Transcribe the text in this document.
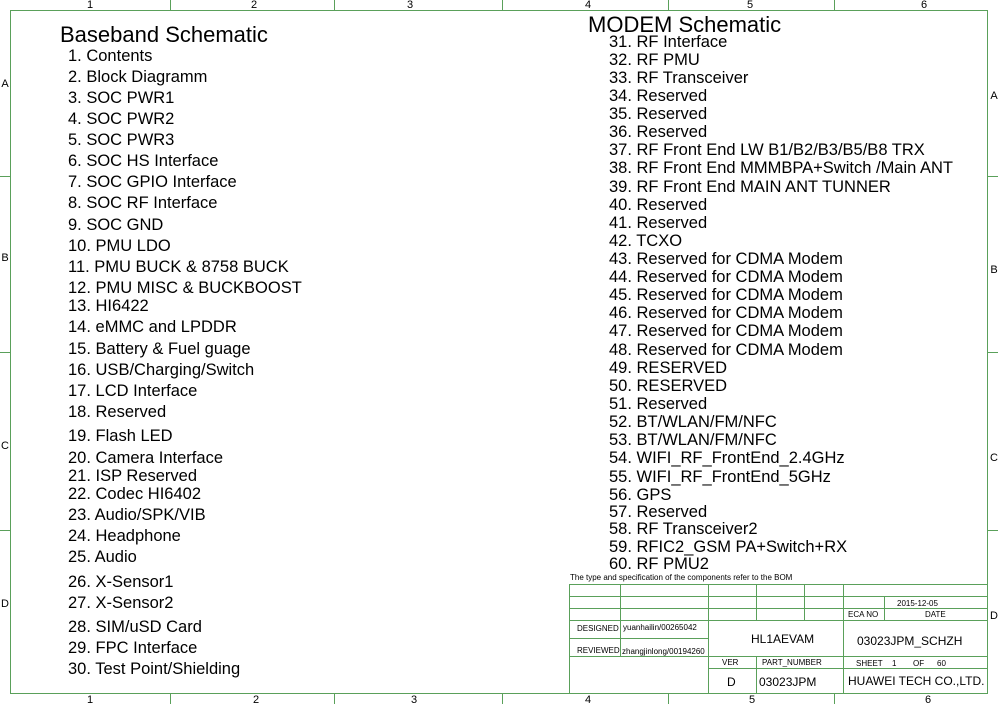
1	2	3	4	5	6
1	2	3	4	5	6
A
B
C
D
A
B
C
D
Baseband Schematic	MODEM Schematic
1. Contents
2. Block Diagramm
3. SOC PWR1
4. SOC PWR2
5. SOC PWR3
6. SOC HS Interface
7. SOC GPIO Interface
8. SOC RF Interface
9. SOC GND
10. PMU LDO
11. PMU BUCK & 8758 BUCK
12. PMU MISC & BUCKBOOST
13. HI6422
14. eMMC and LPDDR
15. Battery & Fuel guage
16. USB/Charging/Switch
17. LCD Interface
18. Reserved
19. Flash LED
20. Camera Interface
21. ISP Reserved
22. Codec HI6402
23. Audio/SPK/VIB
24. Headphone
25. Audio
26. X-Sensor1
27. X-Sensor2
28. SIM/uSD Card
29. FPC Interface
30. Test Point/Shielding
31. RF Interface
32. RF PMU
33. RF Transceiver
34. Reserved
35. Reserved
36. Reserved
37. RF Front End LW B1/B2/B3/B5/B8 TRX
38. RF Front End MMMBPA+Switch /Main ANT
39. RF Front End MAIN ANT TUNNER
40. Reserved
41. Reserved
42. TCXO
43. Reserved for CDMA Modem
44. Reserved for CDMA Modem
45. Reserved for CDMA Modem
46. Reserved for CDMA Modem
47. Reserved for CDMA Modem
48. Reserved for CDMA Modem
49. RESERVED
50. RESERVED
51. Reserved
52. BT/WLAN/FM/NFC
53. BT/WLAN/FM/NFC
54. WIFI_RF_FrontEnd_2.4GHz
55. WIFI_RF_FrontEnd_5GHz
56. GPS
57. Reserved
58. RF Transceiver2
59. RFIC2_GSM PA+Switch+RX
60. RF PMU2
The type and specification of the components refer to the BOM
2015-12-05
ECA NO	DATE
DESIGNED yuanhailin/00265042
REVIEWED zhangjinlong/00194260
HL1AEVAM	03023JPM_SCHZH
VER	PART_NUMBER	SHEET 1 OF 60
D 03023JPM	HUAWEI TECH CO.,LTD.
